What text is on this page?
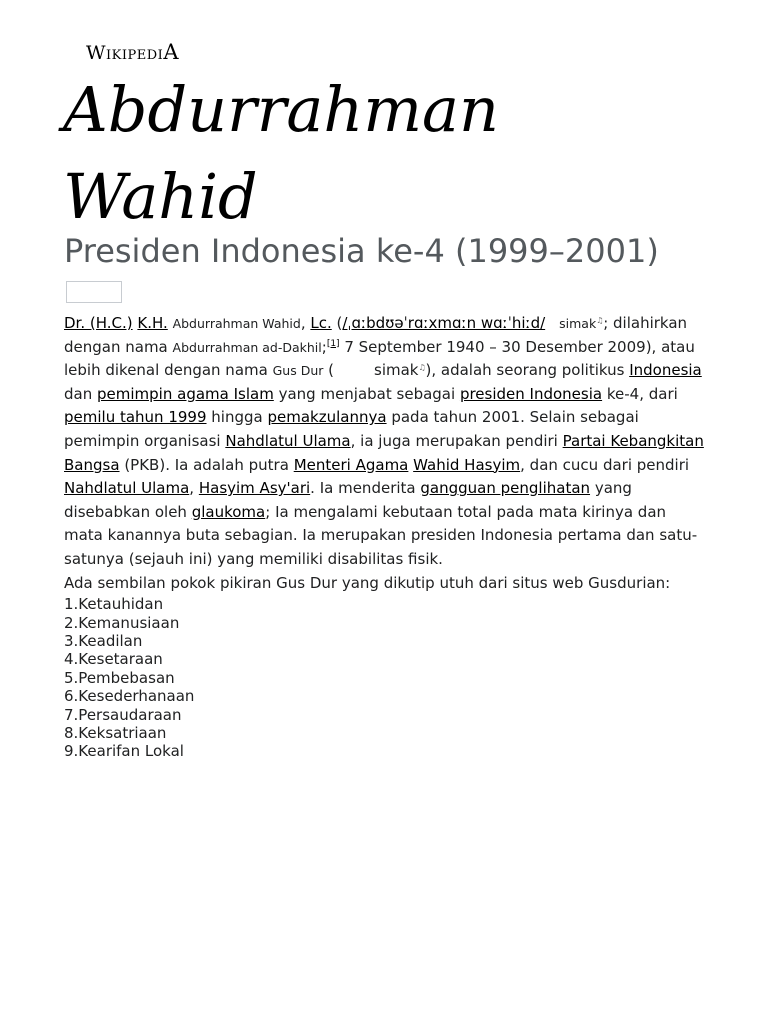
WikipediA
Abdurrahman
Wahid
Presiden Indonesia ke-4 (1999–2001)

Dr. (H.C.) K.H. Abdurrahman Wahid, Lc. (/ˌɑːbdʊəˈrɑːxmɑːn wɑːˈhiːd/ simak♫; dilahirkan dengan nama Abdurrahman ad-Dakhil;[1] 7 September 1940 – 30 Desember 2009), atau lebih dikenal dengan nama Gus Dur (	simak♫), adalah seorang politikus Indonesia dan pemimpin agama Islam yang menjabat sebagai presiden Indonesia ke-4, dari pemilu tahun 1999 hingga pemakzulannya pada tahun 2001. Selain sebagai pemimpin organisasi Nahdlatul Ulama, ia juga merupakan pendiri Partai Kebangkitan Bangsa (PKB). Ia adalah putra Menteri Agama Wahid Hasyim, dan cucu dari pendiri Nahdlatul Ulama, Hasyim Asy'ari. Ia menderita gangguan penglihatan yang disebabkan oleh glaukoma; Ia mengalami kebutaan total pada mata kirinya dan mata kanannya buta sebagian. Ia merupakan presiden Indonesia pertama dan satu-satunya (sejauh ini) yang memiliki disabilitas fisik.

Ada sembilan pokok pikiran Gus Dur yang dikutip utuh dari situs web Gusdurian:

1.Ketauhidan
2.Kemanusiaan
3.Keadilan
4.Kesetaraan
5.Pembebasan
6.Kesederhanaan
7.Persaudaraan
8.Keksatriaan
9.Kearifan Lokal
